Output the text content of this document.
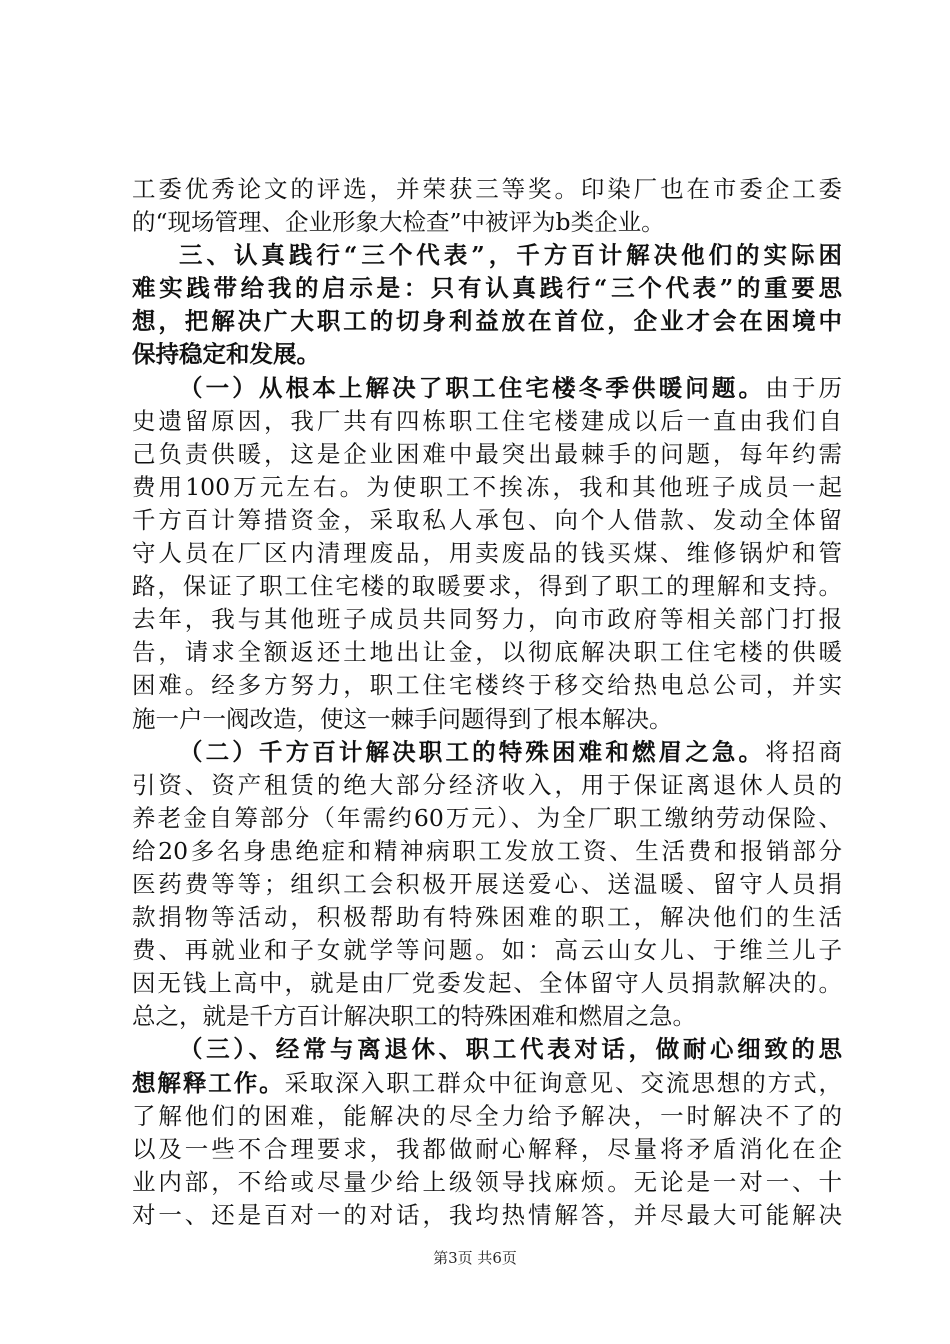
工委优秀论文的评选，并荣获三等奖。印染厂也在市委企工委
的“现场管理、企业形象大检查”中被评为b类企业。
三、认真践行“三个代表”，千方百计解决他们的实际困
难实践带给我的启示是：只有认真践行“三个代表”的重要思
想，把解决广大职工的切身利益放在首位，企业才会在困境中
保持稳定和发展。
（一）从根本上解决了职工住宅楼冬季供暖问题。由于历
史遗留原因，我厂共有四栋职工住宅楼建成以后一直由我们自
己负责供暖，这是企业困难中最突出最棘手的问题，每年约需
费用100万元左右。为使职工不挨冻，我和其他班子成员一起
千方百计筹措资金，采取私人承包、向个人借款、发动全体留
守人员在厂区内清理废品，用卖废品的钱买煤、维修锅炉和管
路，保证了职工住宅楼的取暖要求，得到了职工的理解和支持。
去年，我与其他班子成员共同努力，向市政府等相关部门打报
告，请求全额返还土地出让金，以彻底解决职工住宅楼的供暖
困难。经多方努力，职工住宅楼终于移交给热电总公司，并实
施一户一阀改造，使这一棘手问题得到了根本解决。
（二）千方百计解决职工的特殊困难和燃眉之急。将招商
引资、资产租赁的绝大部分经济收入，用于保证离退休人员的
养老金自筹部分（年需约60万元）、为全厂职工缴纳劳动保险、
给20多名身患绝症和精神病职工发放工资、生活费和报销部分
医药费等等；组织工会积极开展送爱心、送温暖、留守人员捐
款捐物等活动，积极帮助有特殊困难的职工，解决他们的生活
费、再就业和子女就学等问题。如：高云山女儿、于维兰儿子
因无钱上高中，就是由厂党委发起、全体留守人员捐款解决的。
总之，就是千方百计解决职工的特殊困难和燃眉之急。
（三）、经常与离退休、职工代表对话，做耐心细致的思
想解释工作。采取深入职工群众中征询意见、交流思想的方式，
了解他们的困难，能解决的尽全力给予解决，一时解决不了的
以及一些不合理要求，我都做耐心解释，尽量将矛盾消化在企
业内部，不给或尽量少给上级领导找麻烦。无论是一对一、十
对一、还是百对一的对话，我均热情解答，并尽最大可能解决
第3页 共6页
